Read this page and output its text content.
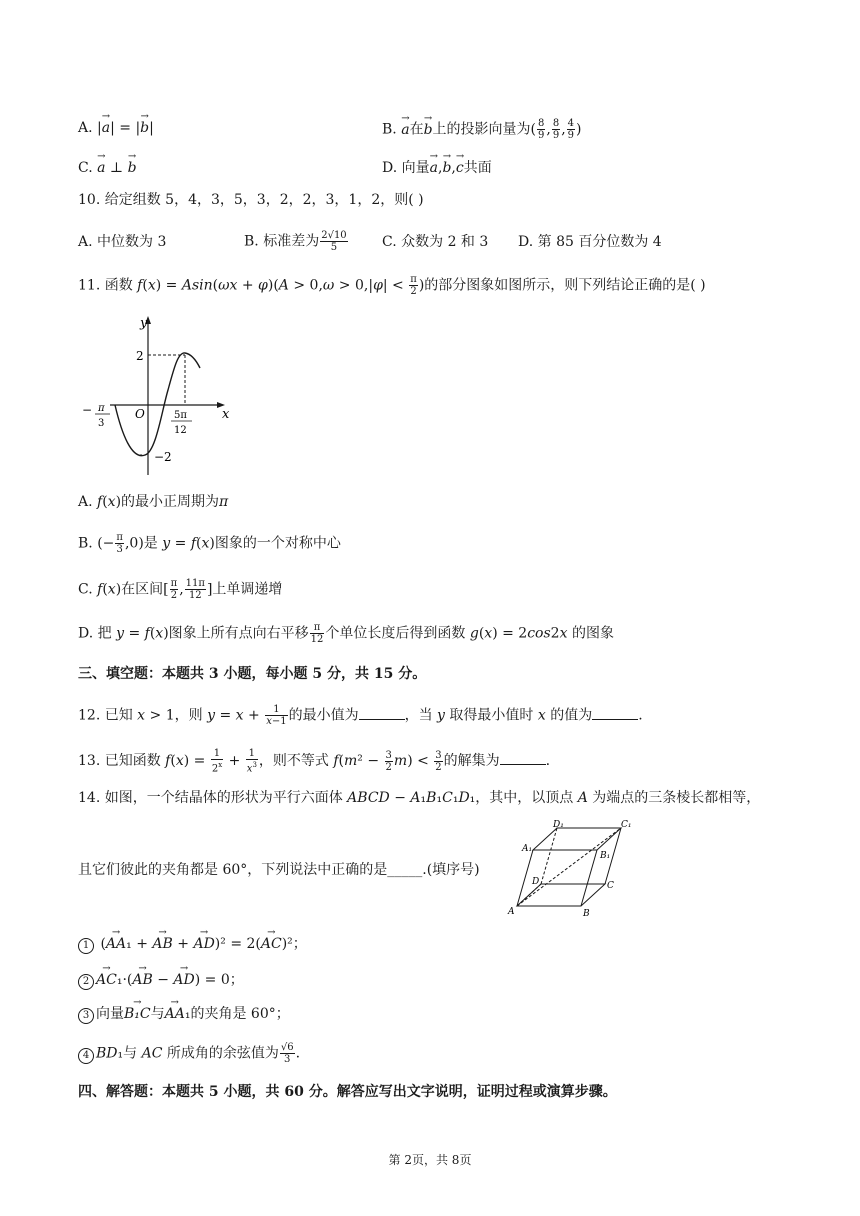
A. |→ a| = |→ b|	B. → a在→ b上的投影向量为( $\frac{8}{9}$ , $\frac{8}{9}$ , $\frac{4}{9}$ )
C. → a ⊥ → b	D. 向量→ a,→ b,→ c共面
10. 给定组数 5，4，3，5，3，2，2，3，1，2，则( )
A. 中位数为 3	B. 标准差为 $\frac{2√10}{5} C$. 众数为 2 和 3 D. 第 85 百分位数为 4
11. 函数 $f(x) = Asin(\omega x + \varphi)(A > 0,\omega > 0,|\varphi| < \frac{\pi}{2}$ )的部分图象如图所示，则下列结论正确的是( )
y
x
O
2
−2
− π
3
5π
12
A. f(x)的最小正周期为π
B. (− $\frac{\pi}{3} ,0$)是 y = f(x)图象的一个对称中心
C. f(x)在区间[ $\frac{\pi}{2}$ , $\frac{11\pi}{12}$ ]上单调递增
D. 把 y = f(x)图象上所有点向右平移 $\frac{\pi}{12}$ 个单位长度后得到函数 g(x) = 2cos2x 的图象
三、填空题：本题共 3 小题，每小题 5 分，共 15 分。
12. 已知 x > 1，则 $y = x + \frac{1}{x-1}$ 的最小值为	，当 y 取得最小值时 x 的值为	.
13. 已知函数 $f(x) = \frac{1}{2^x} + \frac{1}{x^3}$ ，则不等式 $f(m^2 - \frac{3}{2} m) < \frac{3}{2}$ 的解集为	.
14. 如图，一个结晶体的形状为平行六面体 ABCD − A₁B₁C₁D₁，其中，以顶点 A 为端点的三条棱长都相等，
且它们彼此的夹角都是 60°，下列说法中正确的是_____.(填序号)
D₁	C₁
A₁
B₁
D	C
A	B
1 (→ AA₁ + → AB + → AD)² = 2(→ AC)²；
2→ AC₁·(→ AB − → AD) = 0；
3 向量→ B₁C与→ AA₁的夹角是 60°；
4 BD₁与 AC 所成角的余弦值为 $\frac{√6}{3}$ .
四、解答题：本题共 5 小题，共 60 分。解答应写出文字说明，证明过程或演算步骤。
第 2页，共 8页
